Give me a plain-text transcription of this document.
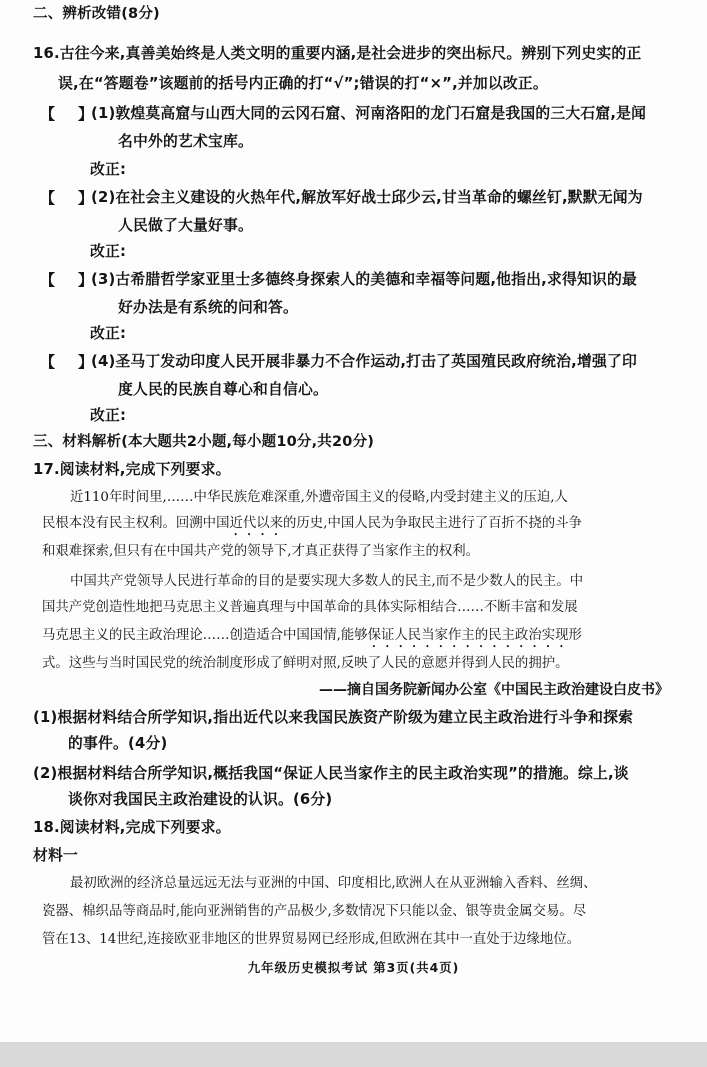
二、辨析改错(8分)
16.古往今来,真善美始终是人类文明的重要内涵,是社会进步的突出标尺。辨别下列史实的正
误,在“答题卷”该题前的括号内正确的打“√”;错误的打“×”,并加以改正。
【 】
(1)敦煌莫高窟与山西大同的云冈石窟、河南洛阳的龙门石窟是我国的三大石窟,是闻
名中外的艺术宝库。
改正:
【 】
(2)在社会主义建设的火热年代,解放军好战士邱少云,甘当革命的螺丝钉,默默无闻为
人民做了大量好事。
改正:
【 】
(3)古希腊哲学家亚里士多德终身探索人的美德和幸福等问题,他指出,求得知识的最
好办法是有系统的问和答。
改正:
【 】
(4)圣马丁发动印度人民开展非暴力不合作运动,打击了英国殖民政府统治,增强了印
度人民的民族自尊心和自信心。
改正:
三、材料解析(本大题共2小题,每小题10分,共20分)
17.阅读材料,完成下列要求。
近110年时间里,……中华民族危难深重,外遭帝国主义的侵略,内受封建主义的压迫,人
民根本没有民主权利。回溯中国近代以来的历史,中国人民为争取民主进行了百折不挠的斗争
和艰难探索,但只有在中国共产党的领导下,才真正获得了当家作主的权利。
中国共产党领导人民进行革命的目的是要实现大多数人的民主,而不是少数人的民主。中
国共产党创造性地把马克思主义普遍真理与中国革命的具体实际相结合……不断丰富和发展
马克思主义的民主政治理论……创造适合中国国情,能够保证人民当家作主的民主政治实现形
式。这些与当时国民党的统治制度形成了鲜明对照,反映了人民的意愿并得到人民的拥护。
——摘自国务院新闻办公室《中国民主政治建设白皮书》
(1)根据材料结合所学知识,指出近代以来我国民族资产阶级为建立民主政治进行斗争和探索
的事件。(4分)
(2)根据材料结合所学知识,概括我国“保证人民当家作主的民主政治实现”的措施。综上,谈
谈你对我国民主政治建设的认识。(6分)
18.阅读材料,完成下列要求。
材料一
最初欧洲的经济总量远远无法与亚洲的中国、印度相比,欧洲人在从亚洲输入香料、丝绸、
瓷器、棉织品等商品时,能向亚洲销售的产品极少,多数情况下只能以金、银等贵金属交易。尽
管在13、14世纪,连接欧亚非地区的世界贸易网已经形成,但欧洲在其中一直处于边缘地位。
九年级历史模拟考试 第3页(共4页)
